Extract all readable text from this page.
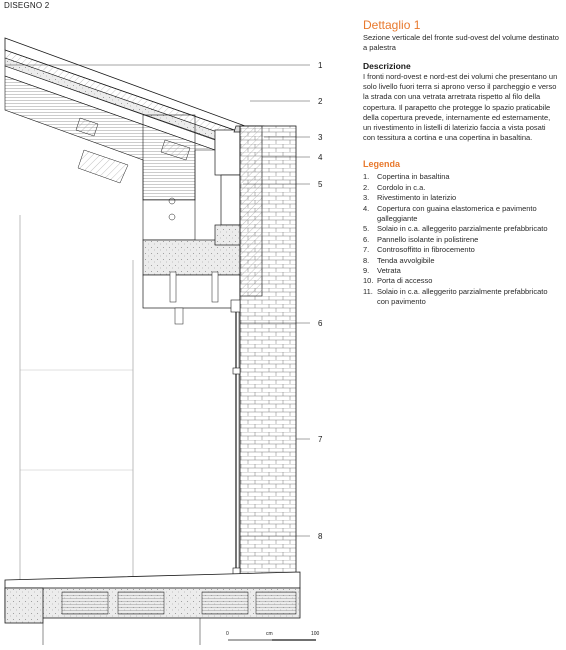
DISEGNO 2
1
2
3
4
5
6
7
8
0	cm	100
Dettaglio 1
Sezione verticale del fronte sud-ovest del volume destinato a palestra
Descrizione
I fronti nord-ovest e nord-est dei volumi che presentano un solo livello fuori terra si aprono verso il parcheggio e verso la strada con una vetrata arretrata rispetto al filo della copertura. Il parapetto che protegge lo spazio praticabile della copertura prevede, internamente ed esternamente, un rivestimento in listelli di laterizio faccia a vista posati con tessitura a cortina e una copertina in basaltina.
Legenda
1.	Copertina in basaltina
2.	Cordolo in c.a.
3.	Rivestimento in laterizio
4.	Copertura con guaina elastomerica e pavimento galleggiante
5.	Solaio in c.a. alleggerito parzialmente prefabbricato
6.	Pannello isolante in polistirene
7.	Controsoffitto in fibrocemento
8.	Tenda avvolgibile
9.	Vetrata
10. Porta di accesso
11. Solaio in c.a. alleggerito parzialmente prefabbricato con pavimento
